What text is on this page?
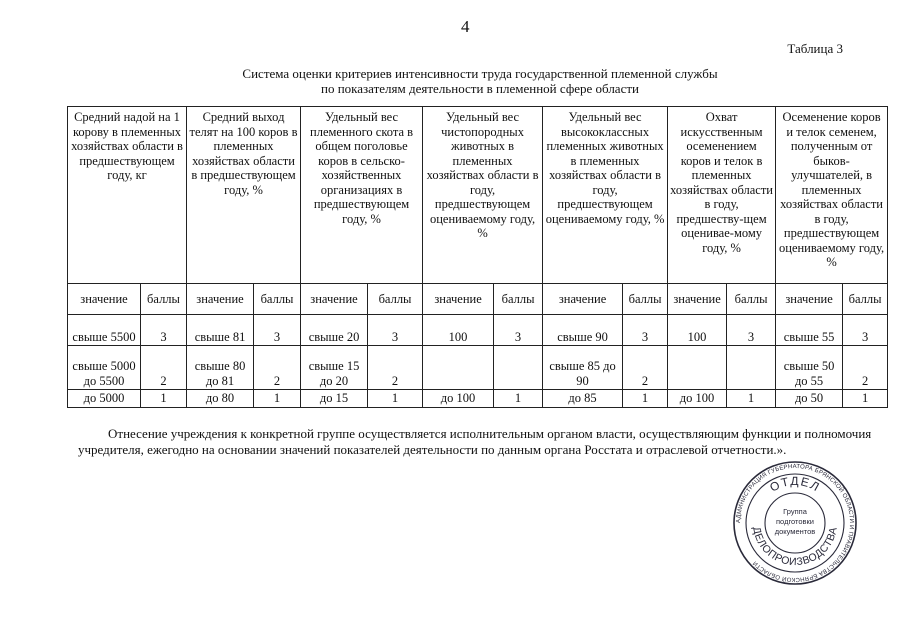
4
Таблица 3
Система оценки критериев интенсивности труда государственной племенной службы
по показателям деятельности в племенной сфере области
Средний надой на 1 корову в племенных хозяйствах области в предшествующем году, кг		Средний выход телят на 100 коров в племенных хозяйствах области в предшествующем году, %		Удельный вес племенного скота в общем поголовье коров в сельско-хозяйственных организациях в предшествующем году, %		Удельный вес чистопородных животных в племенных хозяйствах области в году, предшествующем оцениваемому году, %		Удельный вес высококлассных племенных животных в племенных хозяйствах области в году, предшествующем оцениваемому году, %		Охват искусственным осеменением коров и телок в племенных хозяйствах области в году, предшеству-щем оценивае-мому году, %		Осеменение коров и телок семенем, полученным от быков-улучшателей, в племенных хозяйствах области в году, предшествующем оцениваемому году, %	
значение	баллы	значение	баллы	значение	баллы	значение	баллы	значение	баллы	значение	баллы	значение	баллы
свыше 5500	3	свыше 81	3	свыше 20	3	100	3	свыше 90	3	100	3	свыше 55	3
свыше 5000 до 5500	2	свыше 80 до 81	2	свыше 15 до 20	2			свыше 85 до 90	2			свыше 50 до 55	2
до 5000	1	до 80	1	до 15	1	до 100	1	до 85	1	до 100	1	до 50	1
Отнесение учреждения к конкретной группе осуществляется исполнительным органом власти, осуществляющим функции и полномочия учредителя, ежегодно на основании значений показателей деятельности по данным органа Росстата и отраслевой отчетности.».
АДМИНИСТРАЦИЯ ГУБЕРНАТОРА БРЯНСКОЙ ОБЛАСТИ И ПРАВИТЕЛЬСТВА БРЯНСКОЙ ОБЛАСТИ
ОТДЕЛ
ДЕЛОПРОИЗВОДСТВА
Группа
подготовки
документов
